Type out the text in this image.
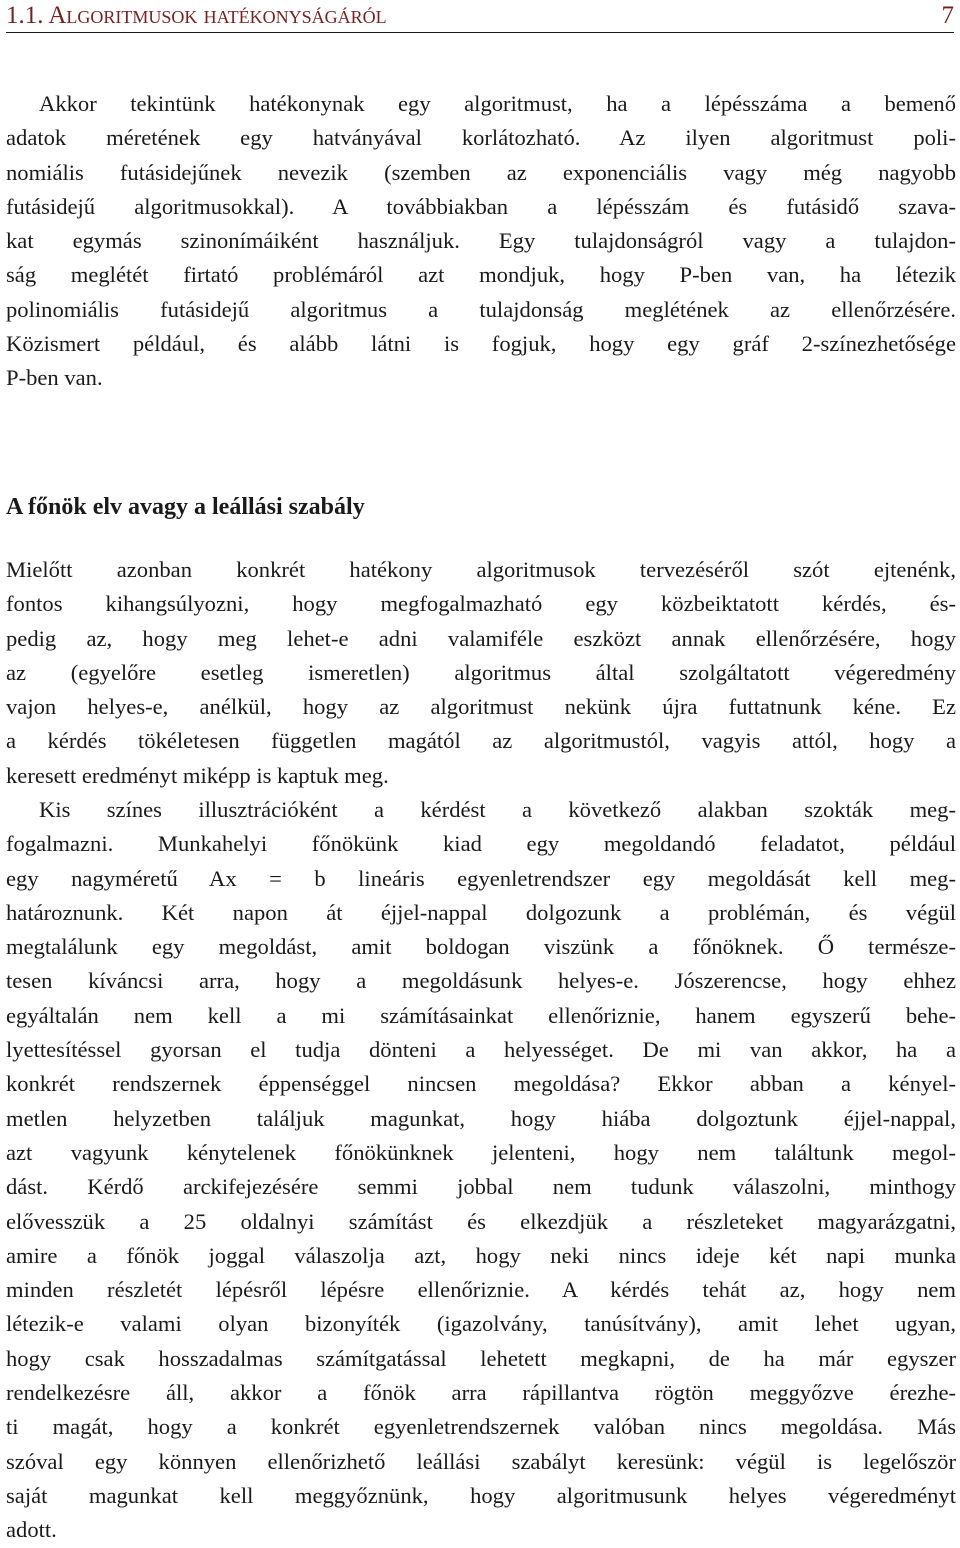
1.1. Algoritmusok hatékonyságáról	7
Akkor tekintünk hatékonynak egy algoritmust, ha a lépésszáma a bemenő
adatok méretének egy hatványával korlátozható. Az ilyen algoritmust poli-
nomiális futásidejűnek nevezik (szemben az exponenciális vagy még nagyobb
futásidejű algoritmusokkal). A továbbiakban a lépésszám és futásidő szava-
kat egymás szinonímáiként használjuk. Egy tulajdonságról vagy a tulajdon-
ság meglétét firtató problémáról azt mondjuk, hogy P-ben van, ha létezik
polinomiális futásidejű algoritmus a tulajdonság meglétének az ellenőrzésére.
Közismert például, és alább látni is fogjuk, hogy egy gráf 2-színezhetősége
P-ben van.
A főnök elv avagy a leállási szabály
Mielőtt azonban konkrét hatékony algoritmusok tervezéséről szót ejtenénk,
fontos kihangsúlyozni, hogy megfogalmazható egy közbeiktatott kérdés, és-
pedig az, hogy meg lehet-e adni valamiféle eszközt annak ellenőrzésére, hogy
az (egyelőre esetleg ismeretlen) algoritmus által szolgáltatott végeredmény
vajon helyes-e, anélkül, hogy az algoritmust nekünk újra futtatnunk kéne. Ez
a kérdés tökéletesen független magától az algoritmustól, vagyis attól, hogy a
keresett eredményt miképp is kaptuk meg.
Kis színes illusztrációként a kérdést a következő alakban szokták meg-
fogalmazni. Munkahelyi főnökünk kiad egy megoldandó feladatot, például
egy nagyméretű Ax = b lineáris egyenletrendszer egy megoldását kell meg-
határoznunk. Két napon át éjjel-nappal dolgozunk a problémán, és végül
megtalálunk egy megoldást, amit boldogan viszünk a főnöknek. Ő természe-
tesen kíváncsi arra, hogy a megoldásunk helyes-e. Jószerencse, hogy ehhez
egyáltalán nem kell a mi számításainkat ellenőriznie, hanem egyszerű behe-
lyettesítéssel gyorsan el tudja dönteni a helyességet. De mi van akkor, ha a
konkrét rendszernek éppenséggel nincsen megoldása? Ekkor abban a kényel-
metlen helyzetben találjuk magunkat, hogy hiába dolgoztunk éjjel-nappal,
azt vagyunk kénytelenek főnökünknek jelenteni, hogy nem találtunk megol-
dást. Kérdő arckifejezésére semmi jobbal nem tudunk válaszolni, minthogy
elővesszük a 25 oldalnyi számítást és elkezdjük a részleteket magyarázgatni,
amire a főnök joggal válaszolja azt, hogy neki nincs ideje két napi munka
minden részletét lépésről lépésre ellenőriznie. A kérdés tehát az, hogy nem
létezik-e valami olyan bizonyíték (igazolvány, tanúsítvány), amit lehet ugyan,
hogy csak hosszadalmas számítgatással lehetett megkapni, de ha már egyszer
rendelkezésre áll, akkor a főnök arra rápillantva rögtön meggyőzve érezhe-
ti magát, hogy a konkrét egyenletrendszernek valóban nincs megoldása. Más
szóval egy könnyen ellenőrizhető leállási szabályt keresünk: végül is legelőször
saját magunkat kell meggyőznünk, hogy algoritmusunk helyes végeredményt
adott.
